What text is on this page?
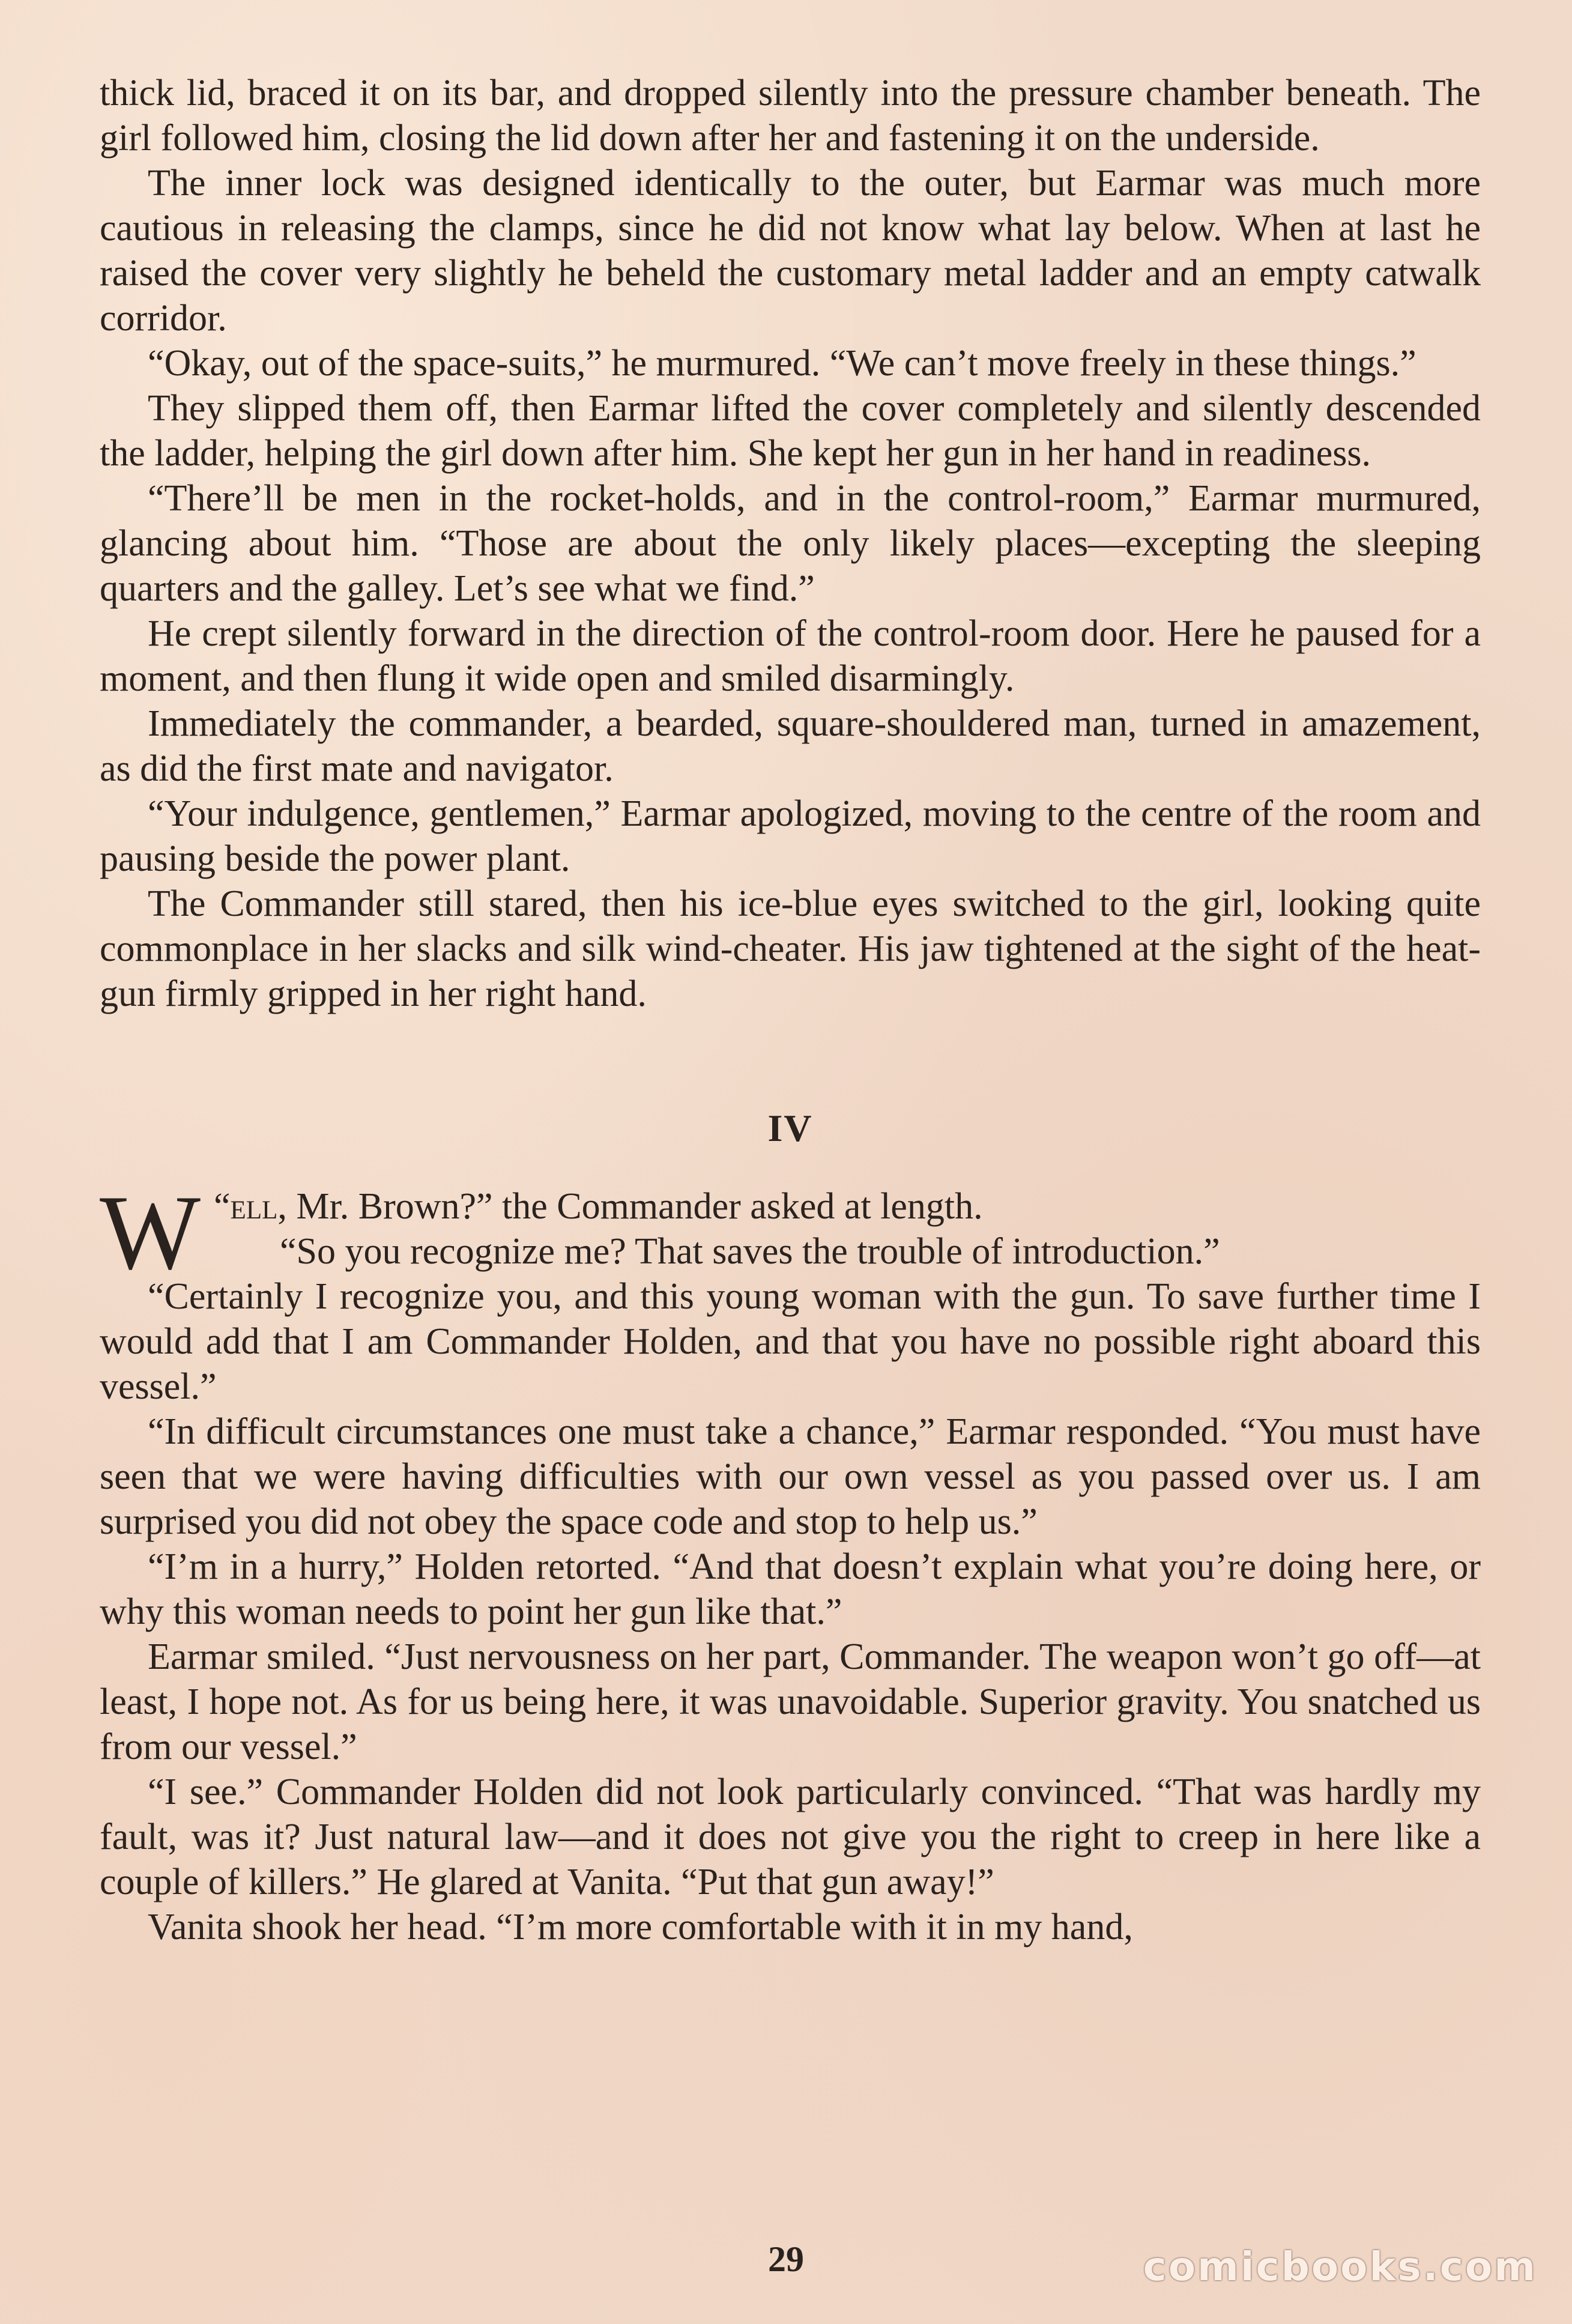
thick lid, braced it on its bar, and dropped silently into the pressure chamber beneath. The girl followed him, closing the lid down after her and fastening it on the underside.

The inner lock was designed identically to the outer, but Earmar was much more cautious in releasing the clamps, since he did not know what lay below. When at last he raised the cover very slightly he beheld the customary metal ladder and an empty catwalk corridor.

“Okay, out of the space-suits,” he murmured. “We can’t move freely in these things.”

They slipped them off, then Earmar lifted the cover completely and silently descended the ladder, helping the girl down after him. She kept her gun in her hand in readiness.

“There’ll be men in the rocket-holds, and in the control-room,” Earmar murmured, glancing about him. “Those are about the only likely places—excepting the sleeping quarters and the galley. Let’s see what we find.”

He crept silently forward in the direction of the control-room door. Here he paused for a moment, and then flung it wide open and smiled disarmingly.

Immediately the commander, a bearded, square-shouldered man, turned in amazement, as did the first mate and navigator.

“Your indulgence, gentlemen,” Earmar apologized, moving to the centre of the room and pausing beside the power plant.

The Commander still stared, then his ice-blue eyes switched to the girl, looking quite commonplace in her slacks and silk wind-cheater. His jaw tightened at the sight of the heat-gun firmly gripped in her right hand.

IV

“
W ell, Mr. Brown?” the Commander asked at length.

“So you recognize me? That saves the trouble of introduction.”

“Certainly I recognize you, and this young woman with the gun. To save further time I would add that I am Commander Holden, and that you have no possible right aboard this vessel.”

“In difficult circumstances one must take a chance,” Earmar responded. “You must have seen that we were having difficulties with our own vessel as you passed over us. I am surprised you did not obey the space code and stop to help us.”

“I’m in a hurry,” Holden retorted. “And that doesn’t explain what you’re doing here, or why this woman needs to point her gun like that.”

Earmar smiled. “Just nervousness on her part, Commander. The weapon won’t go off—at least, I hope not. As for us being here, it was unavoidable. Superior gravity. You snatched us from our vessel.”

“I see.” Commander Holden did not look particularly convinced. “That was hardly my fault, was it? Just natural law—and it does not give you the right to creep in here like a couple of killers.” He glared at Vanita. “Put that gun away!”

Vanita shook her head. “I’m more comfortable with it in my hand,

29	comicbooks.com
